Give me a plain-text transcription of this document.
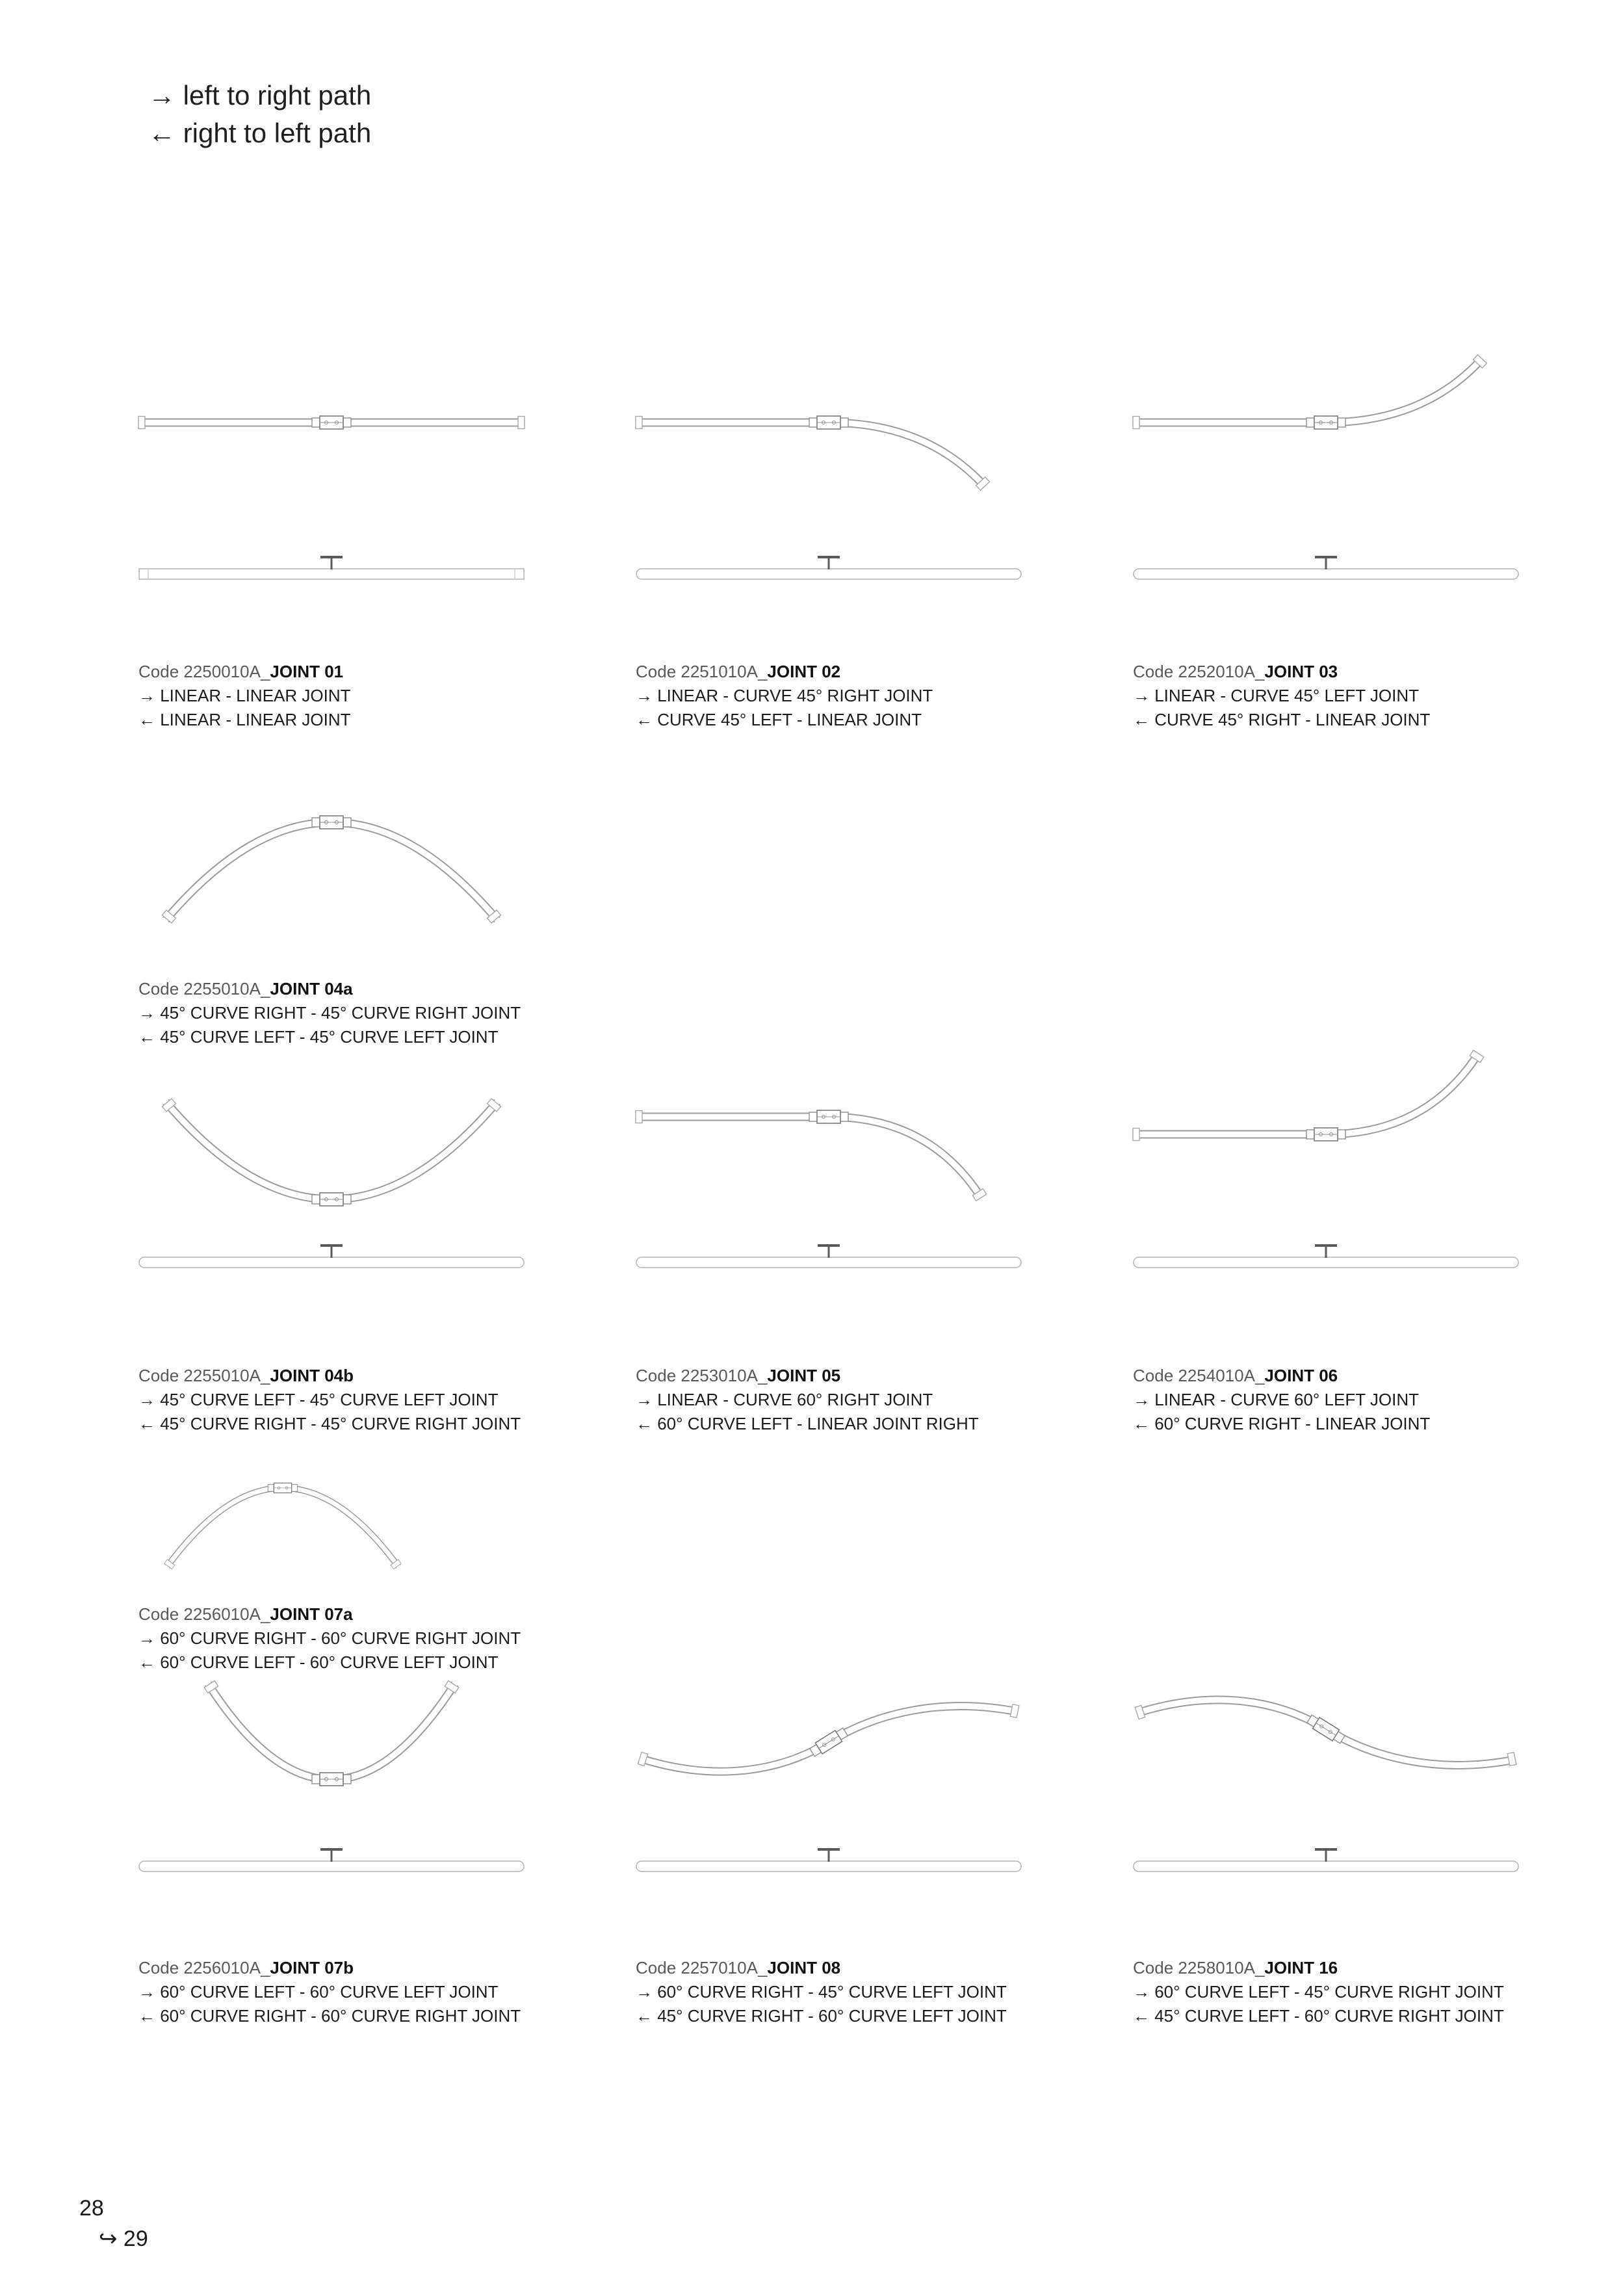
→ left to right path
← right to left path
Code 2250010A_JOINT 01
→ LINEAR - LINEAR JOINT
← LINEAR - LINEAR JOINT
Code 2251010A_JOINT 02
→ LINEAR - CURVE 45° RIGHT JOINT
← CURVE 45° LEFT - LINEAR JOINT
Code 2252010A_JOINT 03
→ LINEAR - CURVE 45° LEFT JOINT
← CURVE 45° RIGHT - LINEAR JOINT
Code 2255010A_JOINT 04a
→ 45° CURVE RIGHT - 45° CURVE RIGHT JOINT
← 45° CURVE LEFT - 45° CURVE LEFT JOINT
Code 2255010A_JOINT 04b
→ 45° CURVE LEFT - 45° CURVE LEFT JOINT
← 45° CURVE RIGHT - 45° CURVE RIGHT JOINT
Code 2253010A_JOINT 05
→ LINEAR - CURVE 60° RIGHT JOINT
← 60° CURVE LEFT - LINEAR JOINT RIGHT
Code 2254010A_JOINT 06
→ LINEAR - CURVE 60° LEFT JOINT
← 60° CURVE RIGHT - LINEAR JOINT
Code 2256010A_JOINT 07a
→ 60° CURVE RIGHT - 60° CURVE RIGHT JOINT
← 60° CURVE LEFT - 60° CURVE LEFT JOINT
Code 2256010A_JOINT 07b
→ 60° CURVE LEFT - 60° CURVE LEFT JOINT
← 60° CURVE RIGHT - 60° CURVE RIGHT JOINT
Code 2257010A_JOINT 08
→ 60° CURVE RIGHT - 45° CURVE LEFT JOINT
← 45° CURVE RIGHT - 60° CURVE LEFT JOINT
Code 2258010A_JOINT 16
→ 60° CURVE LEFT - 45° CURVE RIGHT JOINT
← 45° CURVE LEFT - 60° CURVE RIGHT JOINT
28
↪ 29
